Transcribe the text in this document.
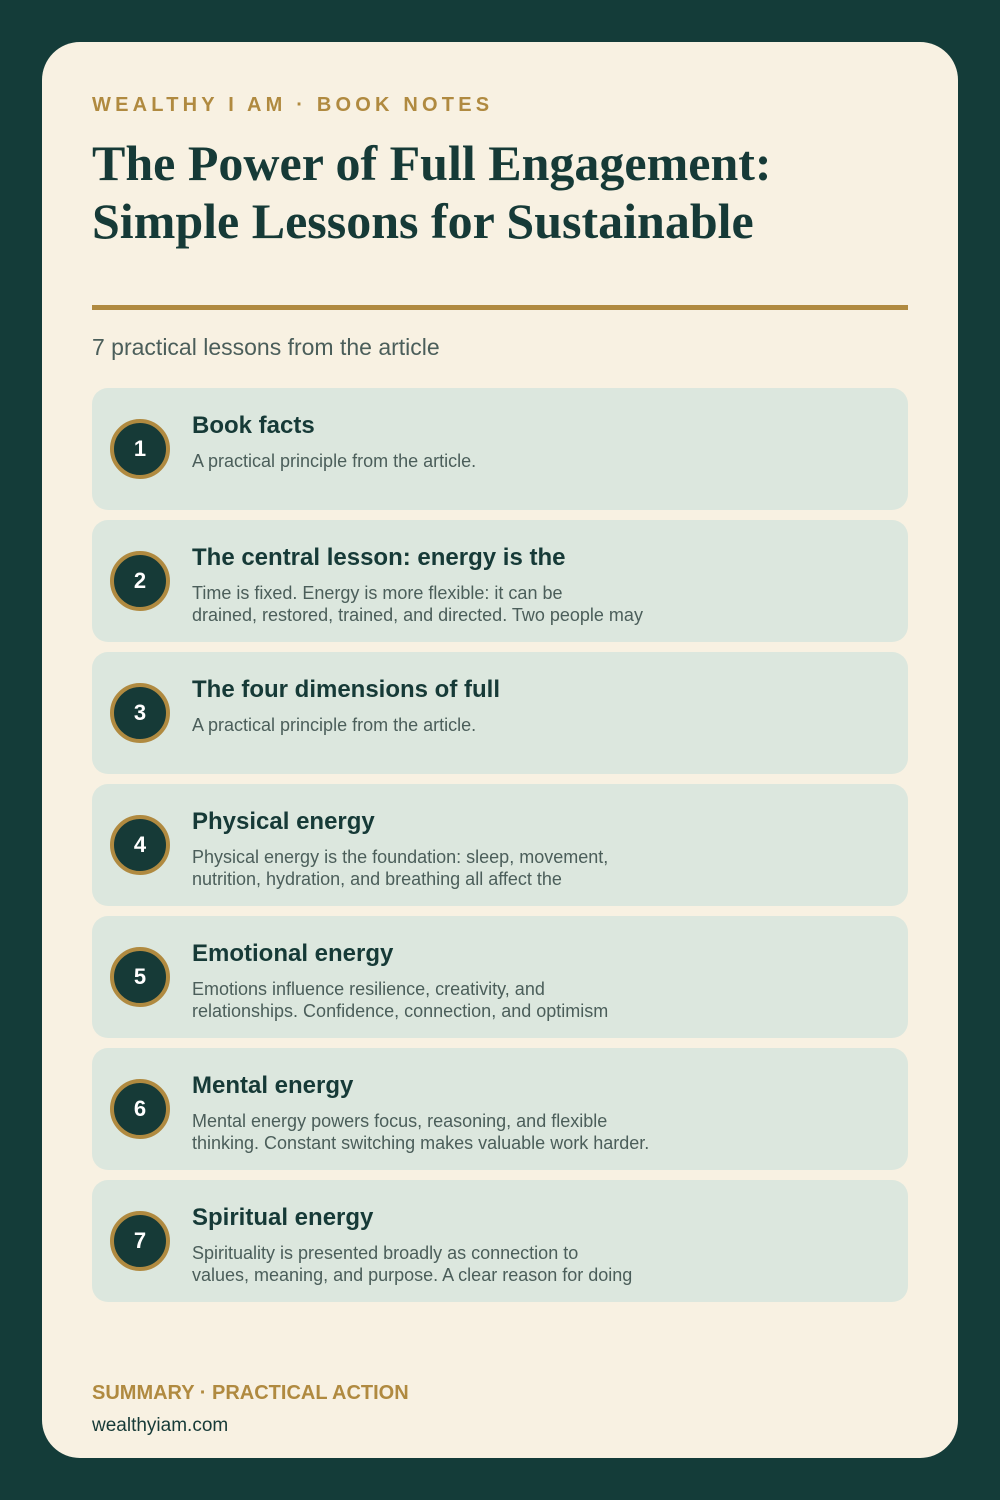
WEALTHY I AM · BOOK NOTES
The Power of Full Engagement:
Simple Lessons for Sustainable
7 practical lessons from the article
1
Book facts
A practical principle from the article.
2
The central lesson: energy is the
Time is fixed. Energy is more flexible: it can be
drained, restored, trained, and directed. Two people may
3
The four dimensions of full
A practical principle from the article.
4
Physical energy
Physical energy is the foundation: sleep, movement,
nutrition, hydration, and breathing all affect the
5
Emotional energy
Emotions influence resilience, creativity, and
relationships. Confidence, connection, and optimism
6
Mental energy
Mental energy powers focus, reasoning, and flexible
thinking. Constant switching makes valuable work harder.
7
Spiritual energy
Spirituality is presented broadly as connection to
values, meaning, and purpose. A clear reason for doing
SUMMARY · PRACTICAL ACTION
wealthyiam.com
